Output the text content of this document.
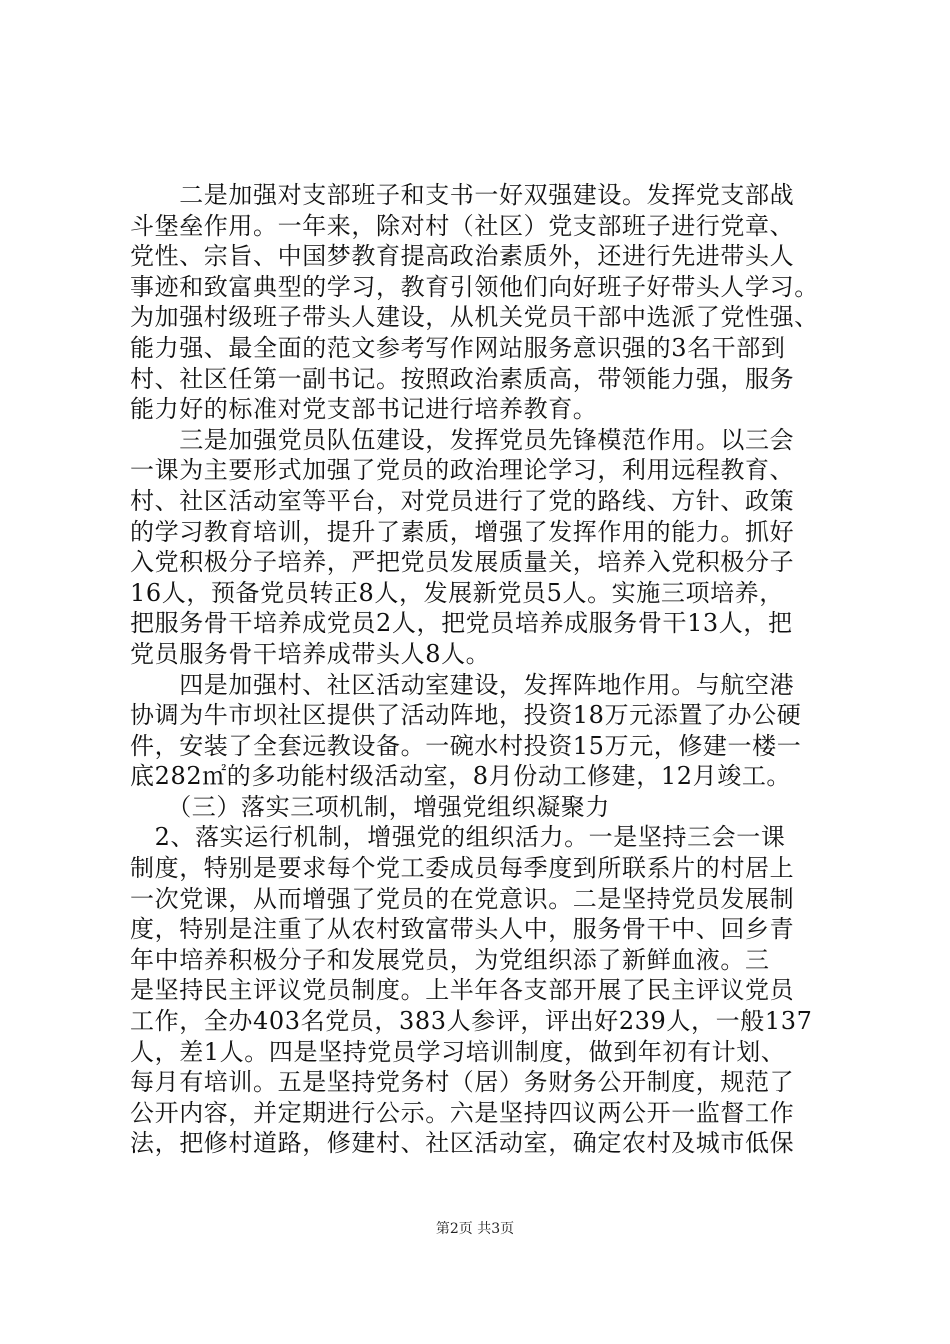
　　二是加强对支部班子和支书一好双强建设。发挥党支部战
斗堡垒作用。一年来，除对村（社区）党支部班子进行党章、
党性、宗旨、中国梦教育提高政治素质外，还进行先进带头人
事迹和致富典型的学习，教育引领他们向好班子好带头人学习。
为加强村级班子带头人建设，从机关党员干部中选派了党性强、
能力强、最全面的范文参考写作网站服务意识强的3名干部到
村、社区任第一副书记。按照政治素质高，带领能力强，服务
能力好的标准对党支部书记进行培养教育。
　　三是加强党员队伍建设，发挥党员先锋模范作用。以三会
一课为主要形式加强了党员的政治理论学习，利用远程教育、
村、社区活动室等平台，对党员进行了党的路线、方针、政策
的学习教育培训，提升了素质，增强了发挥作用的能力。抓好
入党积极分子培养，严把党员发展质量关，培养入党积极分子
16人，预备党员转正8人，发展新党员5人。实施三项培养，
把服务骨干培养成党员2人，把党员培养成服务骨干13人，把
党员服务骨干培养成带头人8人。
　　四是加强村、社区活动室建设，发挥阵地作用。与航空港
协调为牛市坝社区提供了活动阵地，投资18万元添置了办公硬
件，安装了全套远教设备。一碗水村投资15万元，修建一楼一
底282㎡的多功能村级活动室，8月份动工修建，12月竣工。
　　（三）落实三项机制，增强党组织凝聚力
　2、落实运行机制，增强党的组织活力。一是坚持三会一课
制度，特别是要求每个党工委成员每季度到所联系片的村居上
一次党课，从而增强了党员的在党意识。二是坚持党员发展制
度，特别是注重了从农村致富带头人中，服务骨干中、回乡青
年中培养积极分子和发展党员，为党组织添了新鲜血液。三
是坚持民主评议党员制度。上半年各支部开展了民主评议党员
工作，全办403名党员，383人参评，评出好239人，一般137
人，差1人。四是坚持党员学习培训制度，做到年初有计划、
每月有培训。五是坚持党务村（居）务财务公开制度，规范了
公开内容，并定期进行公示。六是坚持四议两公开一监督工作
法，把修村道路，修建村、社区活动室，确定农村及城市低保
第2页 共3页
